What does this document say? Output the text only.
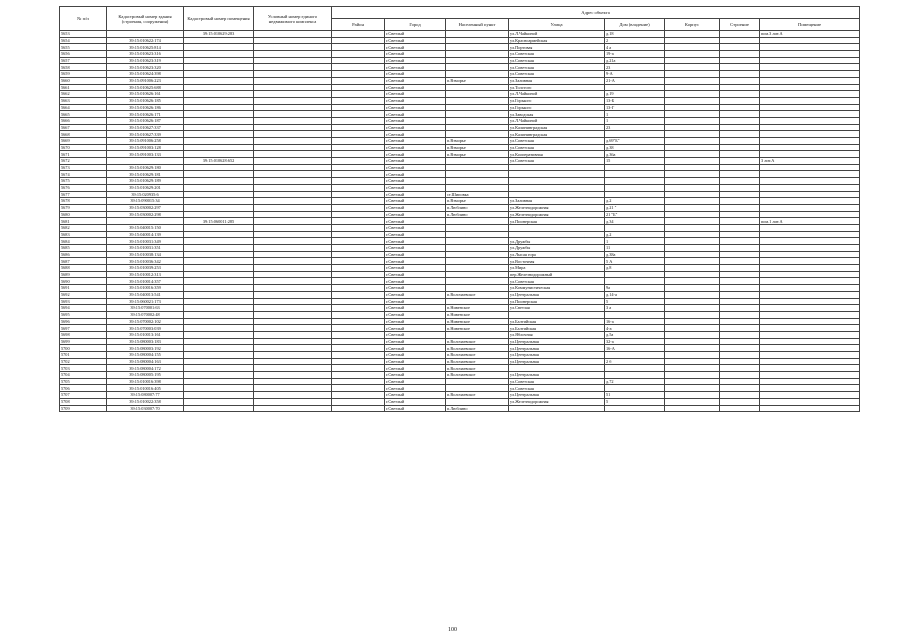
№ п/п	Кадастровый номер здания (строения, сооружения)	Кадастровый номер помещения	Условный номер единого недвижимого комплекса	Адрес объекта							
				Район	Город	Населенный пункт	Улица	Дом (владение)	Корпус	Строение	Помещение
5653		39:15:010629:283			г.Светлый		ул.Л.Чайкиной	д.18			пом.3 лит.А
5654	39:15:010622:174				г.Светлый		ул.Красноармейская	2			
5655	39:15:010625:814				г.Светлый		ул.Портовая	4 а			
5656	39:15:010623:316				г.Светлый		ул.Советская	19-а			
5657	39:15:010623:319				г.Светлый		ул.Советская	д.21а			
5658	39:15:010623:320				г.Светлый		ул.Советская	23			
5659	39:15:010624:398				г.Светлый		ул.Советская	9-А			
5660	39:15:091006:223				г.Светлый	п.Взморье	ул.Заливная	21-А			
5661	39:15:010625:688				г.Светлый		ул.Толстого				
5662	39:15:010626:161				г.Светлый		ул.Л.Чайкиной	д.19			
5663	39:15:010626:185				г.Светлый		ул.Горького	13-Б			
5664	39:15:010626:186				г.Светлый		ул.Горького	13-Г			
5665	39:15:010626:171				г.Светлый		ул.Заводская	1			
5666	39:15:010626:187				г.Светлый		ул.Л.Чайкиной	1			
5667	39:15:010627:337				г.Светлый		ул.Калининградская	23			
5668	39:15:010627:339				г.Светлый		ул.Калининградская				
5669	39:15:091006:258				г.Светлый	п.Взморье	ул.Советская	д.69"Б"			
5670	39:15:091003:128				г.Светлый	п.Взморье	ул.Советская	д.38			
5671	39:15:091003:133				г.Светлый	п.Взморье	ул.Кооперативная	д.36а			
5672		39:15:010628:652			г.Светлый		ул.Советская	15			3 лит.А
5673	39:15:010629:180				г.Светлый						
5674	39:15:010629:181				г.Светлый						
5675	39:15:010629:189				г.Светлый						
5676	39:15:010629:201				г.Светлый						
5677	39:15:020935:6				г.Светлый	ст.Шиповка					
5678	39:15:090015:34				г.Светлый	п.Взморье	ул.Заливная	д.2			
5679	39:15:030002:297				г.Светлый	п.Люблино	ул.Железнодорожная	д.21 "			
5680	39:15:030002:298				г.Светлый	п.Люблино	ул.Железнодорожная	21 "Б"			
5681		39:15:060011:285			г.Светлый		ул.Пионерская	д.34			пом.1 лит.А
5682	39:15:040015:150				г.Светлый						
5683	39:15:040014:139				г.Светлый			д.2			
5684	39:15:010031:349				г.Светлый		ул.Дружбы	1			
5685	39:15:010031:351				г.Светлый		ул.Дружбы	11			
5686	39:15:010038:134				г.Светлый		ул.Лысая гора	д.38а			
5687	39:15:010036:342				г.Светлый		ул.Восточная	5 А			
5688	39:15:010039:253				г.Светлый		ул.Мира	д.8			
5689	39:15:010012:313				г.Светлый		пер.Железнодорожный				
5690	39:15:010014:357				г.Светлый		ул.Советская				
5691	39:15:010016:359				г.Светлый		ул.Коммунистическая	9а			
5692	39:15:040013:541				г.Светлый	п.Волочаевское	ул.Центральная	д.14-а			
5693	39:15:060021:173				г.Светлый		ул.Пионерская	5			
5694	39:15:070001:63				г.Светлый	п.Нивенское	ул.Светлая	3 а			
5695	39:15:070002:48				г.Светлый	п.Нивенское					
5696	39:15:070002:102				г.Светлый	п.Нивенское	ул.Балтийская	16-а			
5697	39:15:070003:039				г.Светлый	п.Нивенское	ул.Балтийская	4-а			
5698	39:15:010013:161				г.Светлый		ул.Яблочная	д.5а			
5699	39:15:080003:183				г.Светлый	п.Волочаевское	ул.Центральная	32-а			
5700	39:15:080003:192				г.Светлый	п.Волочаевское	ул.Центральная	16-А			
5701	39:15:080004:155				г.Светлый	п.Волочаевское	ул.Центральная				
5702	39:15:080004:163				г.Светлый	п.Волочаевское	ул.Центральная	2 б			
5703	39:15:080004:172				г.Светлый	п.Волочаевское					
5704	39:15:080005:195				г.Светлый	п.Волочаевское	ул.Центральная				
5705	39:15:010016:398				г.Светлый		ул.Советская	д.72			
5706	39:15:010016:405				г.Светлый		ул.Советская				
5707	39:15:080007:77				г.Светлый	п.Волочаевское	ул.Центральная	51			
5708	39:15:010022:358				г.Светлый		ул.Железнодорожная	5			
5709	39:15:030007:70				г.Светлый	п.Люблино					
100
